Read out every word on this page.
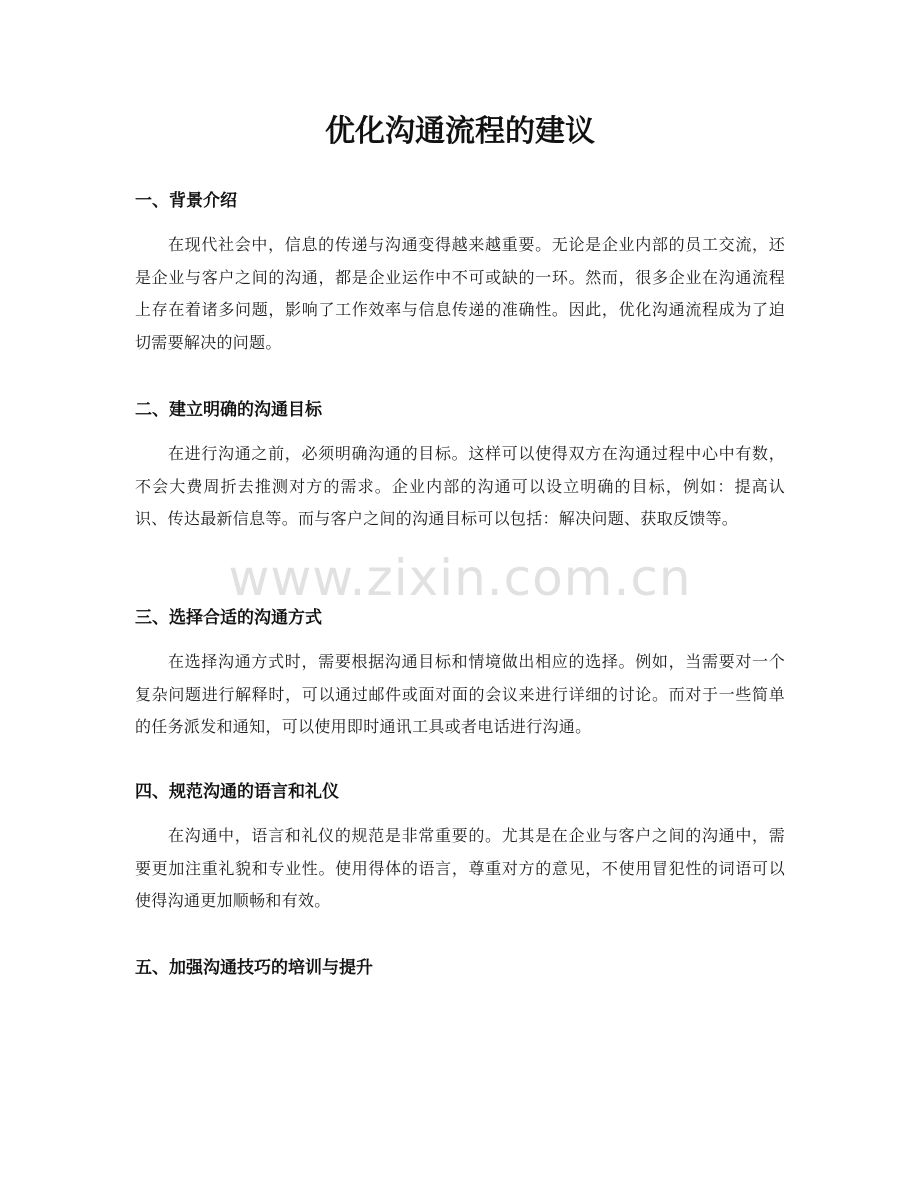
优化沟通流程的建议
一、背景介绍

在现代社会中，信息的传递与沟通变得越来越重要。无论是企业内部的员工交流，还是企业与客户之间的沟通，都是企业运作中不可或缺的一环。然而，很多企业在沟通流程上存在着诸多问题，影响了工作效率与信息传递的准确性。因此，优化沟通流程成为了迫切需要解决的问题。

二、建立明确的沟通目标

在进行沟通之前，必须明确沟通的目标。这样可以使得双方在沟通过程中心中有数，不会大费周折去推测对方的需求。企业内部的沟通可以设立明确的目标，例如：提高认识、传达最新信息等。而与客户之间的沟通目标可以包括：解决问题、获取反馈等。

三、选择合适的沟通方式

在选择沟通方式时，需要根据沟通目标和情境做出相应的选择。例如，当需要对一个复杂问题进行解释时，可以通过邮件或面对面的会议来进行详细的讨论。而对于一些简单的任务派发和通知，可以使用即时通讯工具或者电话进行沟通。

四、规范沟通的语言和礼仪

在沟通中，语言和礼仪的规范是非常重要的。尤其是在企业与客户之间的沟通中，需要更加注重礼貌和专业性。使用得体的语言，尊重对方的意见，不使用冒犯性的词语可以使得沟通更加顺畅和有效。

五、加强沟通技巧的培训与提升
www.zixin.com.cn
